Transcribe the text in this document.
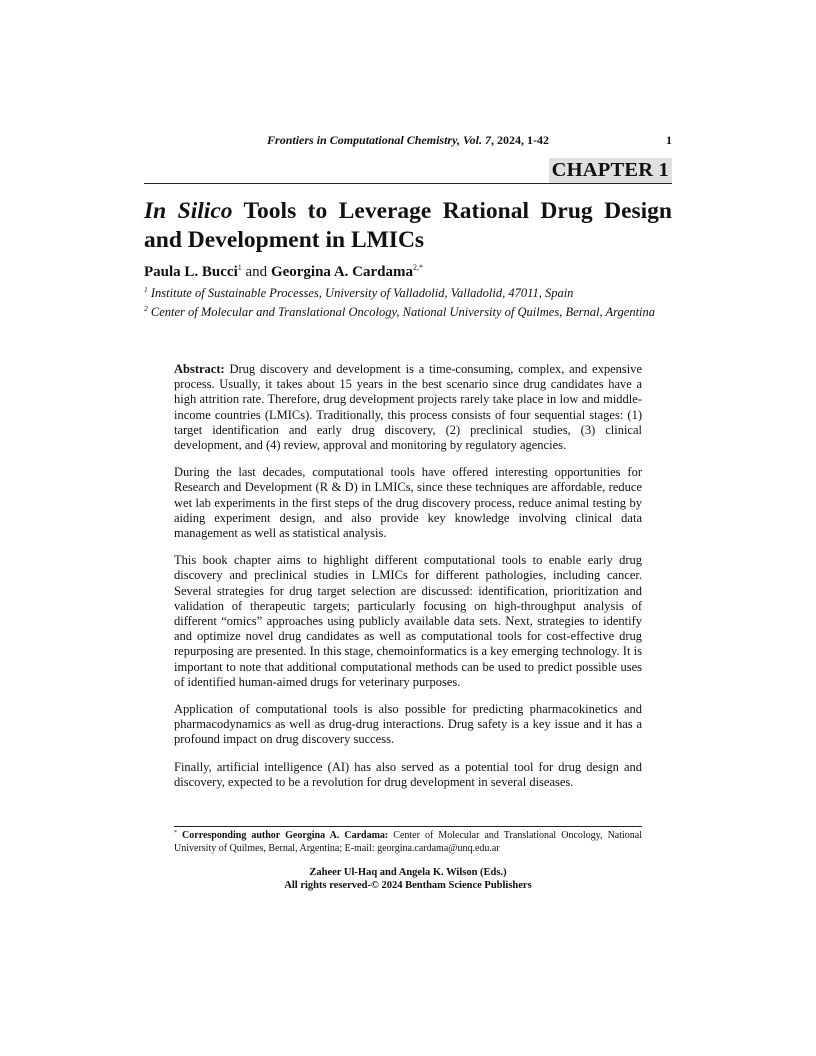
Frontiers in Computational Chemistry, Vol. 7, 2024, 1-42	1
CHAPTER 1
In Silico Tools to Leverage Rational Drug Design and Development in LMICs
Paula L. Bucci$^1$ and Georgina A. Cardama$^{2,*}$
$^1$ Institute of Sustainable Processes, University of Valladolid, Valladolid, 47011, Spain
$^2$ Center of Molecular and Translational Oncology, National University of Quilmes, Bernal, Argentina

Abstract: Drug discovery and development is a time-consuming, complex, and expensive process. Usually, it takes about 15 years in the best scenario since drug candidates have a high attrition rate. Therefore, drug development projects rarely take place in low and middle-income countries (LMICs). Traditionally, this process consists of four sequential stages: (1) target identification and early drug discovery, (2) preclinical studies, (3) clinical development, and (4) review, approval and monitoring by regulatory agencies.

During the last decades, computational tools have offered interesting opportunities for Research and Development (R & D) in LMICs, since these techniques are affordable, reduce wet lab experiments in the first steps of the drug discovery process, reduce animal testing by aiding experiment design, and also provide key knowledge involving clinical data management as well as statistical analysis.

This book chapter aims to highlight different computational tools to enable early drug discovery and preclinical studies in LMICs for different pathologies, including cancer. Several strategies for drug target selection are discussed: identification, prioritization and validation of therapeutic targets; particularly focusing on high-throughput analysis of different “omics” approaches using publicly available data sets. Next, strategies to identify and optimize novel drug candidates as well as computational tools for cost-effective drug repurposing are presented. In this stage, chemoinformatics is a key emerging technology. It is important to note that additional computational methods can be used to predict possible uses of identified human-aimed drugs for veterinary purposes.

Application of computational tools is also possible for predicting pharmacokinetics and pharmacodynamics as well as drug-drug interactions. Drug safety is a key issue and it has a profound impact on drug discovery success.

Finally, artificial intelligence (AI) has also served as a potential tool for drug design and discovery, expected to be a revolution for drug development in several diseases.

* Corresponding author Georgina A. Cardama: Center of Molecular and Translational Oncology, National University of Quilmes, Bernal, Argentina; E-mail: georgina.cardama@unq.edu.ar
Zaheer Ul-Haq and Angela K. Wilson (Eds.)
All rights reserved-© 2024 Bentham Science Publishers
